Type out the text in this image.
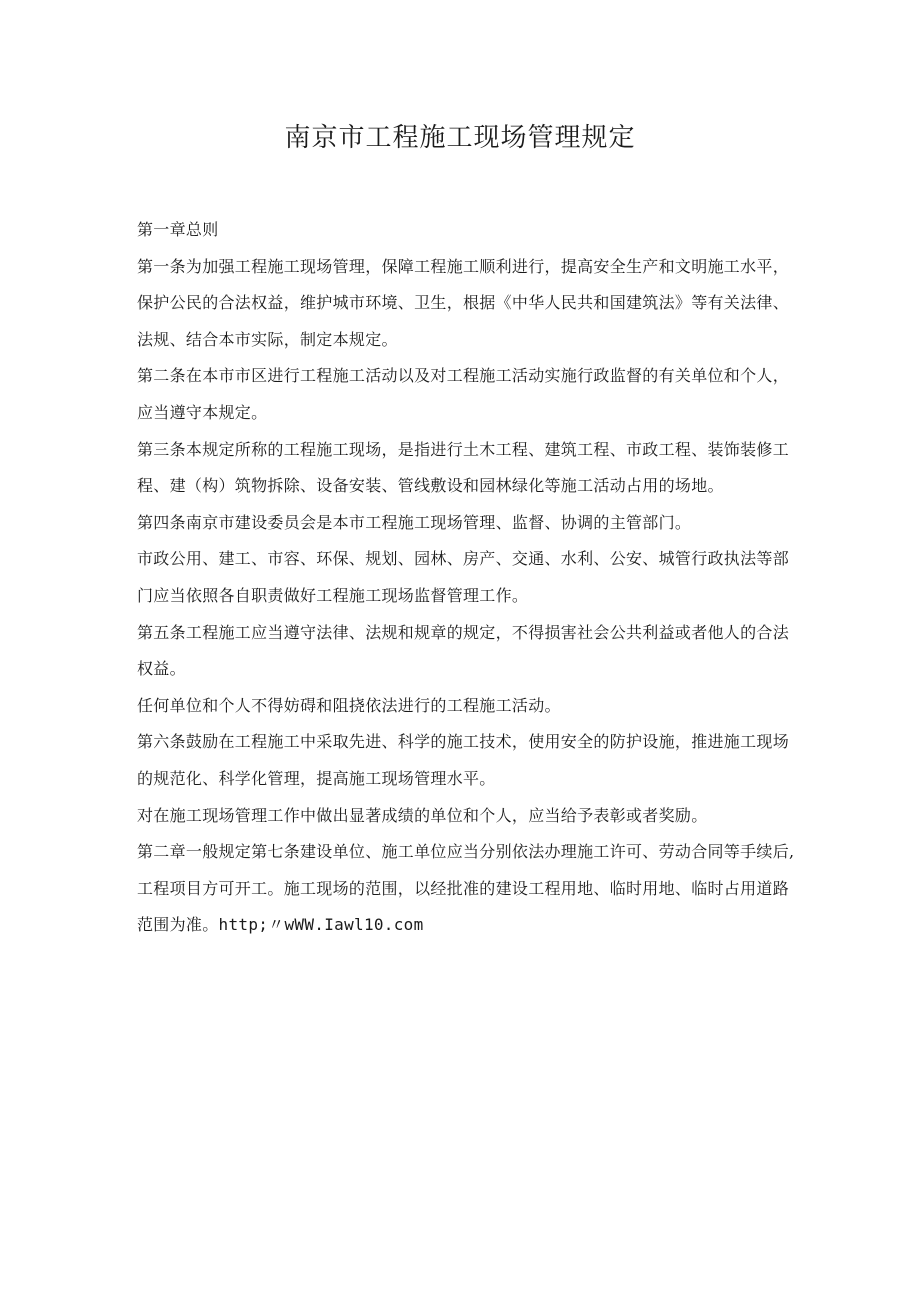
南京市工程施工现场管理规定

第一章总则

第一条为加强工程施工现场管理，保障工程施工顺利进行，提高安全生产和文明施工水平，保护公民的合法权益，维护城市环境、卫生，根据《中华人民共和国建筑法》等有关法律、法规、结合本市实际，制定本规定。

第二条在本市市区进行工程施工活动以及对工程施工活动实施行政监督的有关单位和个人，应当遵守本规定。

第三条本规定所称的工程施工现场，是指进行土木工程、建筑工程、市政工程、装饰装修工程、建（构）筑物拆除、设备安装、管线敷设和园林绿化等施工活动占用的场地。

第四条南京市建设委员会是本市工程施工现场管理、监督、协调的主管部门。

市政公用、建工、市容、环保、规划、园林、房产、交通、水利、公安、城管行政执法等部门应当依照各自职责做好工程施工现场监督管理工作。

第五条工程施工应当遵守法律、法规和规章的规定，不得损害社会公共利益或者他人的合法权益。

任何单位和个人不得妨碍和阻挠依法进行的工程施工活动。

第六条鼓励在工程施工中采取先进、科学的施工技术，使用安全的防护设施，推进施工现场的规范化、科学化管理，提高施工现场管理水平。

对在施工现场管理工作中做出显著成绩的单位和个人，应当给予表彰或者奖励。

第二章一般规定第七条建设单位、施工单位应当分别依法办理施工许可、劳动合同等手续后,工程项目方可开工。施工现场的范围，以经批准的建设工程用地、临时用地、临时占用道路范围为准。http;〃wWW.Iawl10.com
